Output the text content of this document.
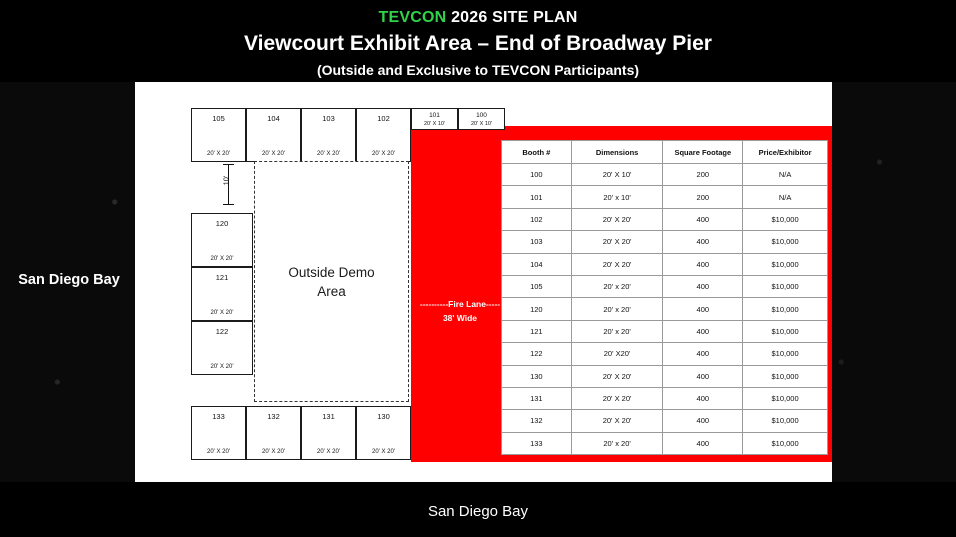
TEVCON 2026 SITE PLAN
Viewcourt Exhibit Area – End of Broadway Pier
(Outside and Exclusive to TEVCON Participants)
----------Fire Lane-----
38' Wide
105
20' X 20'
104
20' X 20'
103
20' X 20'
102
20' X 20'
101
20' X 10'
100
20' X 10'
10'
120
20' X 20'
121
20' X 20'
122
20' X 20'
Outside Demo
Area
133
20' X 20'
132
20' X 20'
131
20' X 20'
130
20' X 20'
Booth #	Dimensions	Square Footage	Price/Exhibitor
100	20' X 10'	200	N/A
101	20' x 10'	200	N/A
102	20' X 20'	400	$10,000
103	20' X 20'	400	$10,000
104	20' X 20'	400	$10,000
105	20' x 20'	400	$10,000
120	20' x 20'	400	$10,000
121	20' x 20'	400	$10,000
122	20' X20'	400	$10,000
130	20' X 20'	400	$10,000
131	20' X 20'	400	$10,000
132	20' X 20'	400	$10,000
133	20' x 20'	400	$10,000
San Diego Bay
San Diego Bay
